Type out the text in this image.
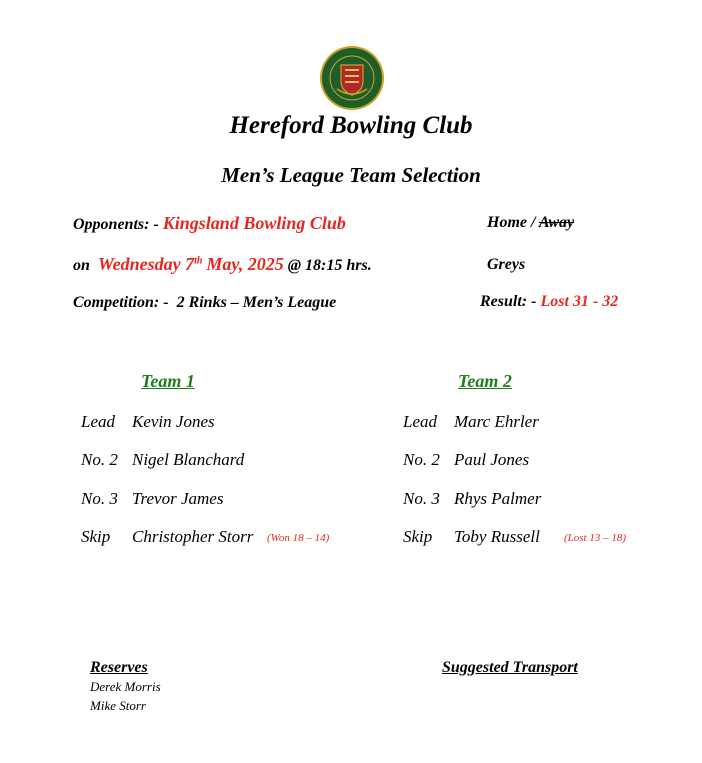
Hereford Bowling Club
Men’s League Team Selection
Opponents: - Kingsland Bowling Club	Home / Away
on Wednesday 7th May, 2025 @ 18:15 hrs.	Greys
Competition: - 2 Rinks – Men’s League	Result: - Lost 31 - 32
Team 1	Team 2
Lead Kevin Jones
No. 2 Nigel Blanchard
No. 3 Trevor James
Skip Christopher Storr (Won 18 – 14)
Lead Marc Ehrler
No. 2 Paul Jones
No. 3 Rhys Palmer
Skip Toby Russell (Lost 13 – 18)
Reserves
Derek Morris
Mike Storr
Suggested Transport
